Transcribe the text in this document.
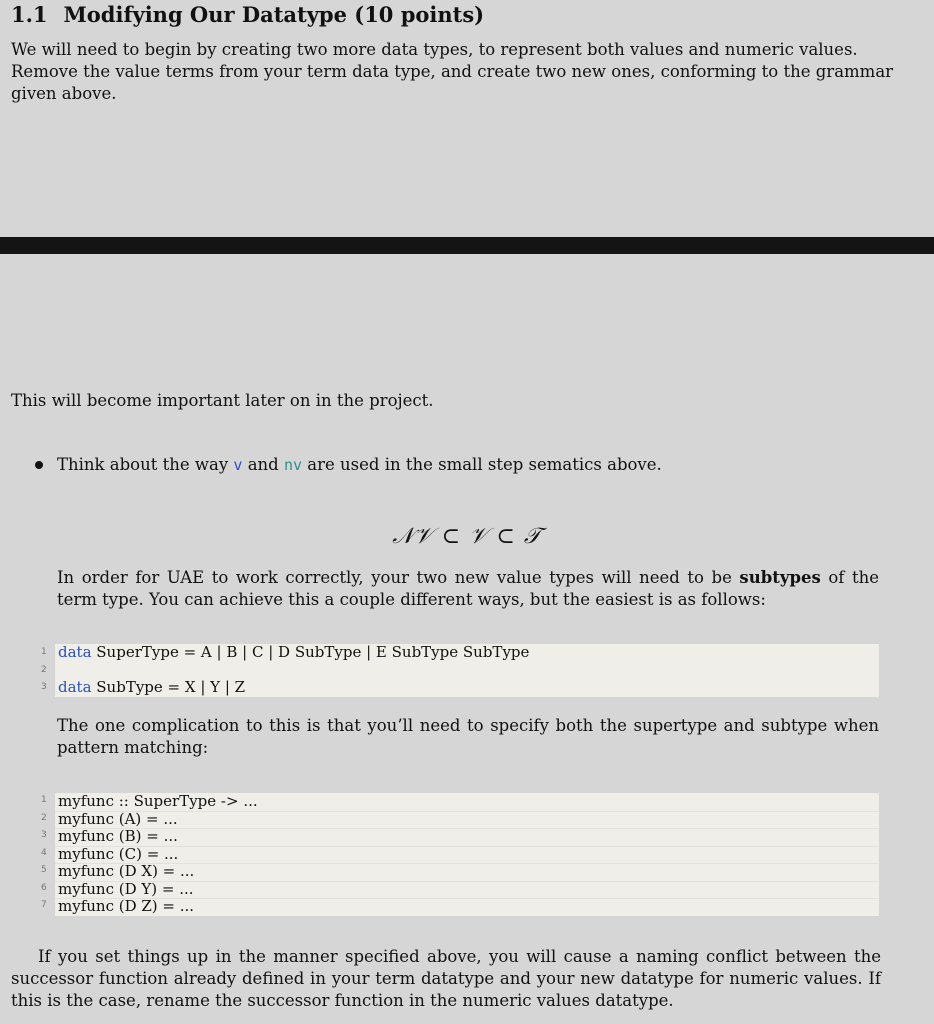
1.1 Modifying Our Datatype (10 points)
We will need to begin by creating two more data types, to represent both values and numeric values. Remove the value terms from your term data type, and create two new ones, conforming to the grammar given above.
This will become important later on in the project.
Think about the way v and nv are used in the small step sematics above.
𝒩𝒱 ⊂ 𝒱 ⊂ 𝒯
In order for UAE to work correctly, your two new value types will need to be subtypes of the term type. You can achieve this a couple different ways, but the easiest is as follows:
1 data SuperType = A | B | C | D SubType | E SubType SubType
2
3 data SubType = X | Y | Z
The one complication to this is that you’ll need to specify both the supertype and subtype when pattern matching:
1 myfunc :: SuperType -> ...
2 myfunc (A) = ...
3 myfunc (B) = ...
4 myfunc (C) = ...
5 myfunc (D X) = ...
6 myfunc (D Y) = ...
7 myfunc (D Z) = ...
If you set things up in the manner specified above, you will cause a naming conflict between the successor function already defined in your term datatype and your new datatype for numeric values. If this is the case, rename the successor function in the numeric values datatype.
